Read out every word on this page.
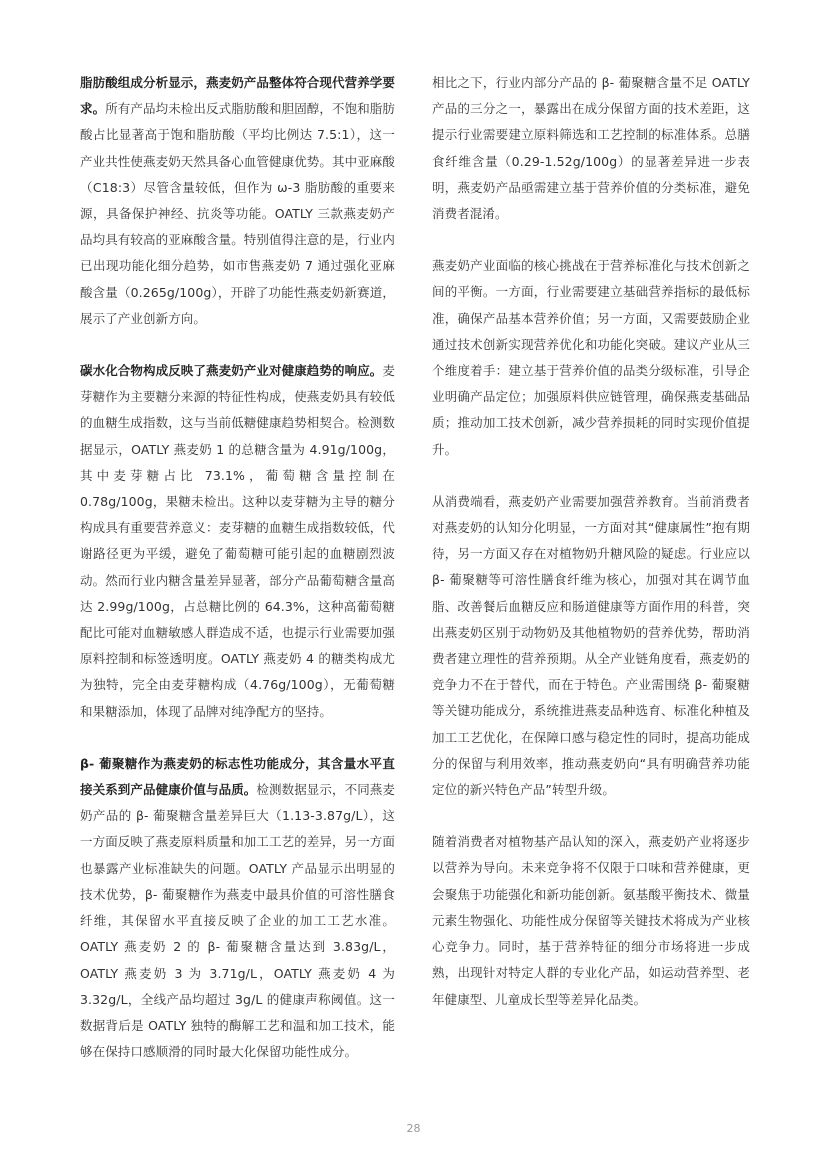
脂肪酸组成分析显示，燕麦奶产品整体符合现代营养学要求。所有产品均未检出反式脂肪酸和胆固醇，不饱和脂肪酸占比显著高于饱和脂肪酸（平均比例达 7.5:1），这一产业共性使燕麦奶天然具备心血管健康优势。其中亚麻酸（C18:3）尽管含量较低，但作为 ω-3 脂肪酸的重要来源，具备保护神经、抗炎等功能。OATLY 三款燕麦奶产品均具有较高的亚麻酸含量。特别值得注意的是，行业内已出现功能化细分趋势，如市售燕麦奶 7 通过强化亚麻酸含量（0.265g/100g），开辟了功能性燕麦奶新赛道，展示了产业创新方向。

碳水化合物构成反映了燕麦奶产业对健康趋势的响应。麦芽糖作为主要糖分来源的特征性构成，使燕麦奶具有较低的血糖生成指数，这与当前低糖健康趋势相契合。检测数据显示，OATLY 燕麦奶 1 的总糖含量为 4.91g/100g，其中麦芽糖占比 73.1%，葡萄糖含量控制在 0.78g/100g，果糖未检出。这种以麦芽糖为主导的糖分构成具有重要营养意义：麦芽糖的血糖生成指数较低，代谢路径更为平缓，避免了葡萄糖可能引起的血糖剧烈波动。然而行业内糖含量差异显著，部分产品葡萄糖含量高达 2.99g/100g，占总糖比例的 64.3%，这种高葡萄糖配比可能对血糖敏感人群造成不适，也提示行业需要加强原料控制和标签透明度。OATLY 燕麦奶 4 的糖类构成尤为独特，完全由麦芽糖构成（4.76g/100g），无葡萄糖和果糖添加，体现了品牌对纯净配方的坚持。

β- 葡聚糖作为燕麦奶的标志性功能成分，其含量水平直接关系到产品健康价值与品质。检测数据显示，不同燕麦奶产品的 β- 葡聚糖含量差异巨大（1.13-3.87g/L），这一方面反映了燕麦原料质量和加工工艺的差异，另一方面也暴露产业标准缺失的问题。OATLY 产品显示出明显的技术优势，β- 葡聚糖作为燕麦中最具价值的可溶性膳食纤维，其保留水平直接反映了企业的加工工艺水准。OATLY 燕麦奶 2 的 β- 葡聚糖含量达到 3.83g/L，OATLY 燕麦奶 3 为 3.71g/L，OATLY 燕麦奶 4 为 3.32g/L，全线产品均超过 3g/L 的健康声称阈值。这一数据背后是 OATLY 独特的酶解工艺和温和加工技术，能够在保持口感顺滑的同时最大化保留功能性成分。

相比之下，行业内部分产品的 β- 葡聚糖含量不足 OATLY 产品的三分之一，暴露出在成分保留方面的技术差距，这提示行业需要建立原料筛选和工艺控制的标准体系。总膳食纤维含量（0.29-1.52g/100g）的显著差异进一步表明，燕麦奶产品亟需建立基于营养价值的分类标准，避免消费者混淆。

燕麦奶产业面临的核心挑战在于营养标准化与技术创新之间的平衡。一方面，行业需要建立基础营养指标的最低标准，确保产品基本营养价值；另一方面，又需要鼓励企业通过技术创新实现营养优化和功能化突破。建议产业从三个维度着手：建立基于营养价值的品类分级标准，引导企业明确产品定位；加强原料供应链管理，确保燕麦基础品质；推动加工技术创新，减少营养损耗的同时实现价值提升。

从消费端看，燕麦奶产业需要加强营养教育。当前消费者对燕麦奶的认知分化明显，一方面对其“健康属性”抱有期待，另一方面又存在对植物奶升糖风险的疑虑。行业应以 β- 葡聚糖等可溶性膳食纤维为核心，加强对其在调节血脂、改善餐后血糖反应和肠道健康等方面作用的科普，突出燕麦奶区别于动物奶及其他植物奶的营养优势，帮助消费者建立理性的营养预期。从全产业链角度看，燕麦奶的竞争力不在于替代，而在于特色。产业需围绕 β- 葡聚糖等关键功能成分，系统推进燕麦品种选育、标准化种植及加工工艺优化，在保障口感与稳定性的同时，提高功能成分的保留与利用效率，推动燕麦奶向“具有明确营养功能定位的新兴特色产品”转型升级。

随着消费者对植物基产品认知的深入，燕麦奶产业将逐步以营养为导向。未来竞争将不仅限于口味和营养健康，更会聚焦于功能强化和新功能创新。氨基酸平衡技术、微量元素生物强化、功能性成分保留等关键技术将成为产业核心竞争力。同时，基于营养特征的细分市场将进一步成熟，出现针对特定人群的专业化产品，如运动营养型、老年健康型、儿童成长型等差异化品类。

28
